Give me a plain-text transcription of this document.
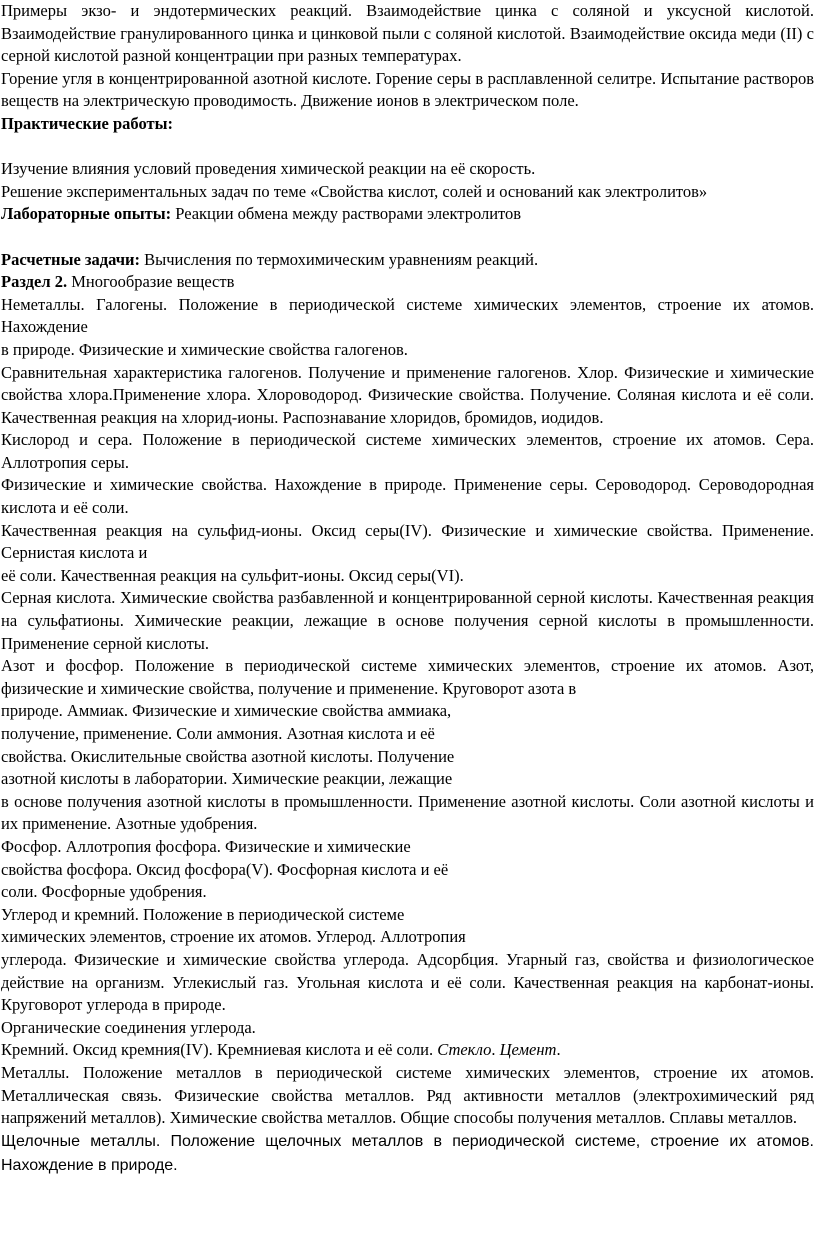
Примеры экзо- и эндотермических реакций. Взаимодействие цинка с соляной и уксусной кислотой. Взаимодействие гранулированного цинка и цинковой пыли с соляной кислотой. Взаимодействие оксида меди (II) с серной кислотой разной концентрации при разных температурах.

Горение угля в концентрированной азотной кислоте. Горение серы в расплавленной селитре. Испытание растворов веществ на электрическую проводимость. Движение ионов в электрическом поле.

Практические работы:

Изучение влияния условий проведения химической реакции на её скорость.

Решение экспериментальных задач по теме «Свойства кислот, солей и оснований как электролитов»

Лабораторные опыты: Реакции обмена между растворами электролитов

Расчетные задачи: Вычисления по термохимическим уравнениям реакций.

Раздел 2. Многообразие веществ

Неметаллы. Галогены. Положение в периодической системе химических элементов, строение их атомов. Нахождение

в природе. Физические и химические свойства галогенов.

Сравнительная характеристика галогенов. Получение и применение галогенов. Хлор. Физические и химические свойства хлора.Применение хлора. Хлороводород. Физические свойства. Получение. Соляная кислота и её соли. Качественная реакция на хлорид-ионы. Распознавание хлоридов, бромидов, иодидов.

Кислород и сера. Положение в периодической системе химических элементов, строение их атомов. Сера. Аллотропия серы.

Физические и химические свойства. Нахождение в природе. Применение серы. Сероводород. Сероводородная кислота и её соли.

Качественная реакция на сульфид-ионы. Оксид серы(IV). Физические и химические свойства. Применение. Сернистая кислота и

её соли. Качественная реакция на сульфит-ионы. Оксид серы(VI).

Серная кислота. Химические свойства разбавленной и концентрированной серной кислоты. Качественная реакция на сульфатионы. Химические реакции, лежащие в основе получения серной кислоты в промышленности. Применение серной кислоты.

Азот и фосфор. Положение в периодической системе химических элементов, строение их атомов. Азот, физические и химические свойства, получение и применение. Круговорот азота в

природе. Аммиак. Физические и химические свойства аммиака,

получение, применение. Соли аммония. Азотная кислота и её

свойства. Окислительные свойства азотной кислоты. Получение

азотной кислоты в лаборатории. Химические реакции, лежащие

в основе получения азотной кислоты в промышленности. Применение азотной кислоты. Соли азотной кислоты и их применение. Азотные удобрения.

Фосфор. Аллотропия фосфора. Физические и химические

свойства фосфора. Оксид фосфора(V). Фосфорная кислота и её

соли. Фосфорные удобрения.

Углерод и кремний. Положение в периодической системе

химических элементов, строение их атомов. Углерод. Аллотропия

углерода. Физические и химические свойства углерода. Адсорбция. Угарный газ, свойства и физиологическое действие на организм. Углекислый газ. Угольная кислота и её соли. Качественная реакция на карбонат-ионы. Круговорот углерода в природе.

Органические соединения углерода.

Кремний. Оксид кремния(IV). Кремниевая кислота и её соли. Стекло. Цемент.

Металлы. Положение металлов в периодической системе химических элементов, строение их атомов. Металлическая связь. Физические свойства металлов. Ряд активности металлов (электрохимический ряд напряжений металлов). Химические свойства металлов. Общие способы получения металлов. Сплавы металлов.

Щелочные металлы. Положение щелочных металлов в периодической системе, строение их атомов. Нахождение в природе.
